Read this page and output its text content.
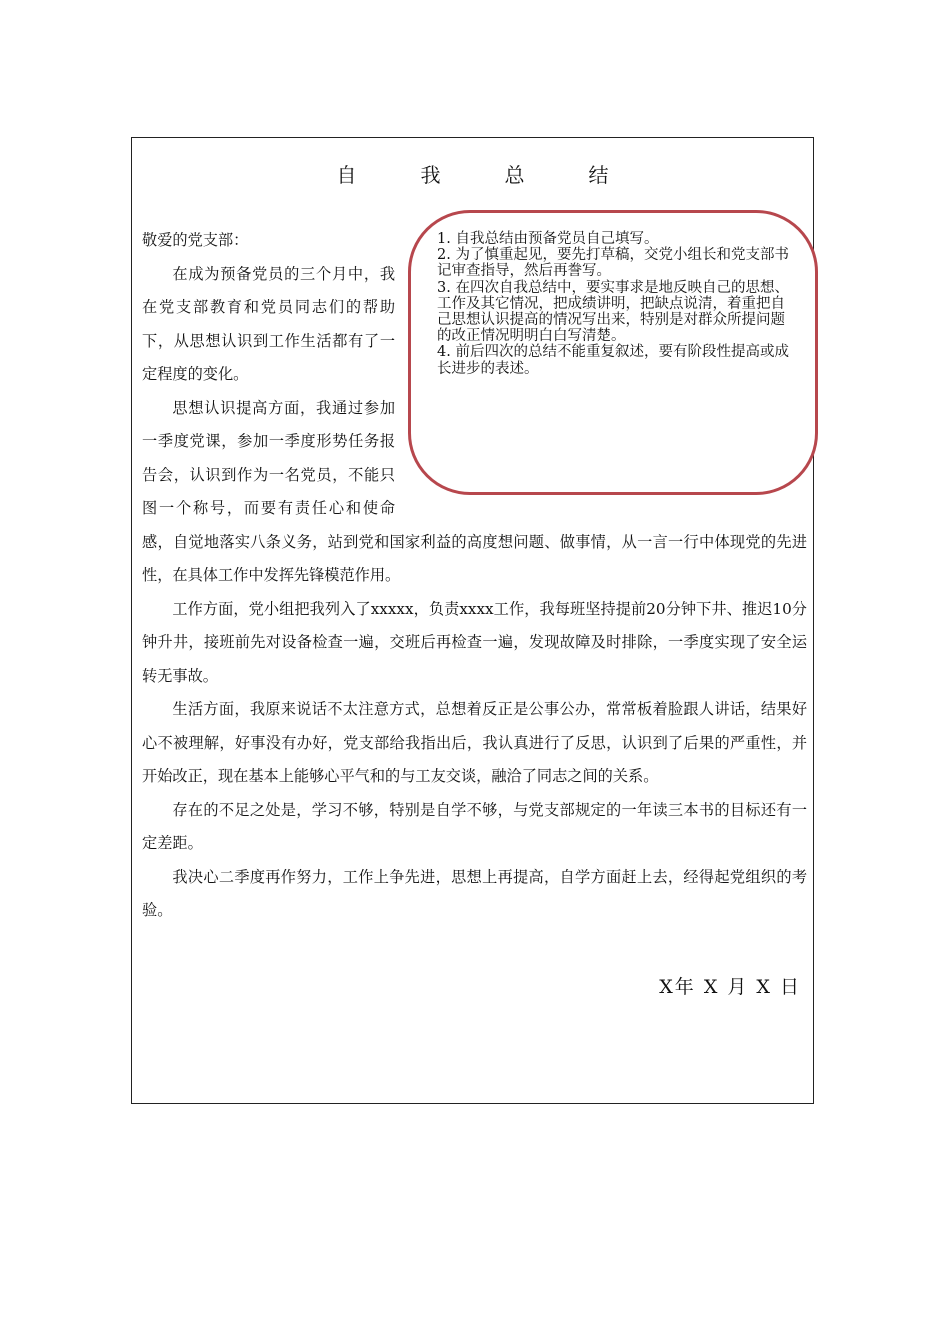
自我总结

1. 自我总结由预备党员自己填写。

2. 为了慎重起见，要先打草稿，交党小组长和党支部书记审查指导，然后再誊写。

3. 在四次自我总结中，要实事求是地反映自己的思想、工作及其它情况，把成绩讲明，把缺点说清，着重把自己思想认识提高的情况写出来，特别是对群众所提问题的改正情况明明白白写清楚。

4. 前后四次的总结不能重复叙述，要有阶段性提高或成长进步的表述。

敬爱的党支部：

在成为预备党员的三个月中，我在党支部教育和党员同志们的帮助下，从思想认识到工作生活都有了一定程度的变化。

思想认识提高方面，我通过参加一季度党课，参加一季度形势任务报告会，认识到作为一名党员，不能只图一个称号，而要有责任心和使命感，自觉地落实八条义务，站到党和国家利益的高度想问题、做事情，从一言一行中体现党的先进性，在具体工作中发挥先锋模范作用。

工作方面，党小组把我列入了xxxxx，负责xxxx工作，我每班坚持提前20分钟下井、推迟10分钟升井，接班前先对设备检查一遍，交班后再检查一遍，发现故障及时排除，一季度实现了安全运转无事故。

生活方面，我原来说话不太注意方式，总想着反正是公事公办，常常板着脸跟人讲话，结果好心不被理解，好事没有办好，党支部给我指出后，我认真进行了反思，认识到了后果的严重性，并开始改正，现在基本上能够心平气和的与工友交谈，融洽了同志之间的关系。

存在的不足之处是，学习不够，特别是自学不够，与党支部规定的一年读三本书的目标还有一定差距。

我决心二季度再作努力，工作上争先进，思想上再提高，自学方面赶上去，经得起党组织的考验。

X年 X 月 X 日
